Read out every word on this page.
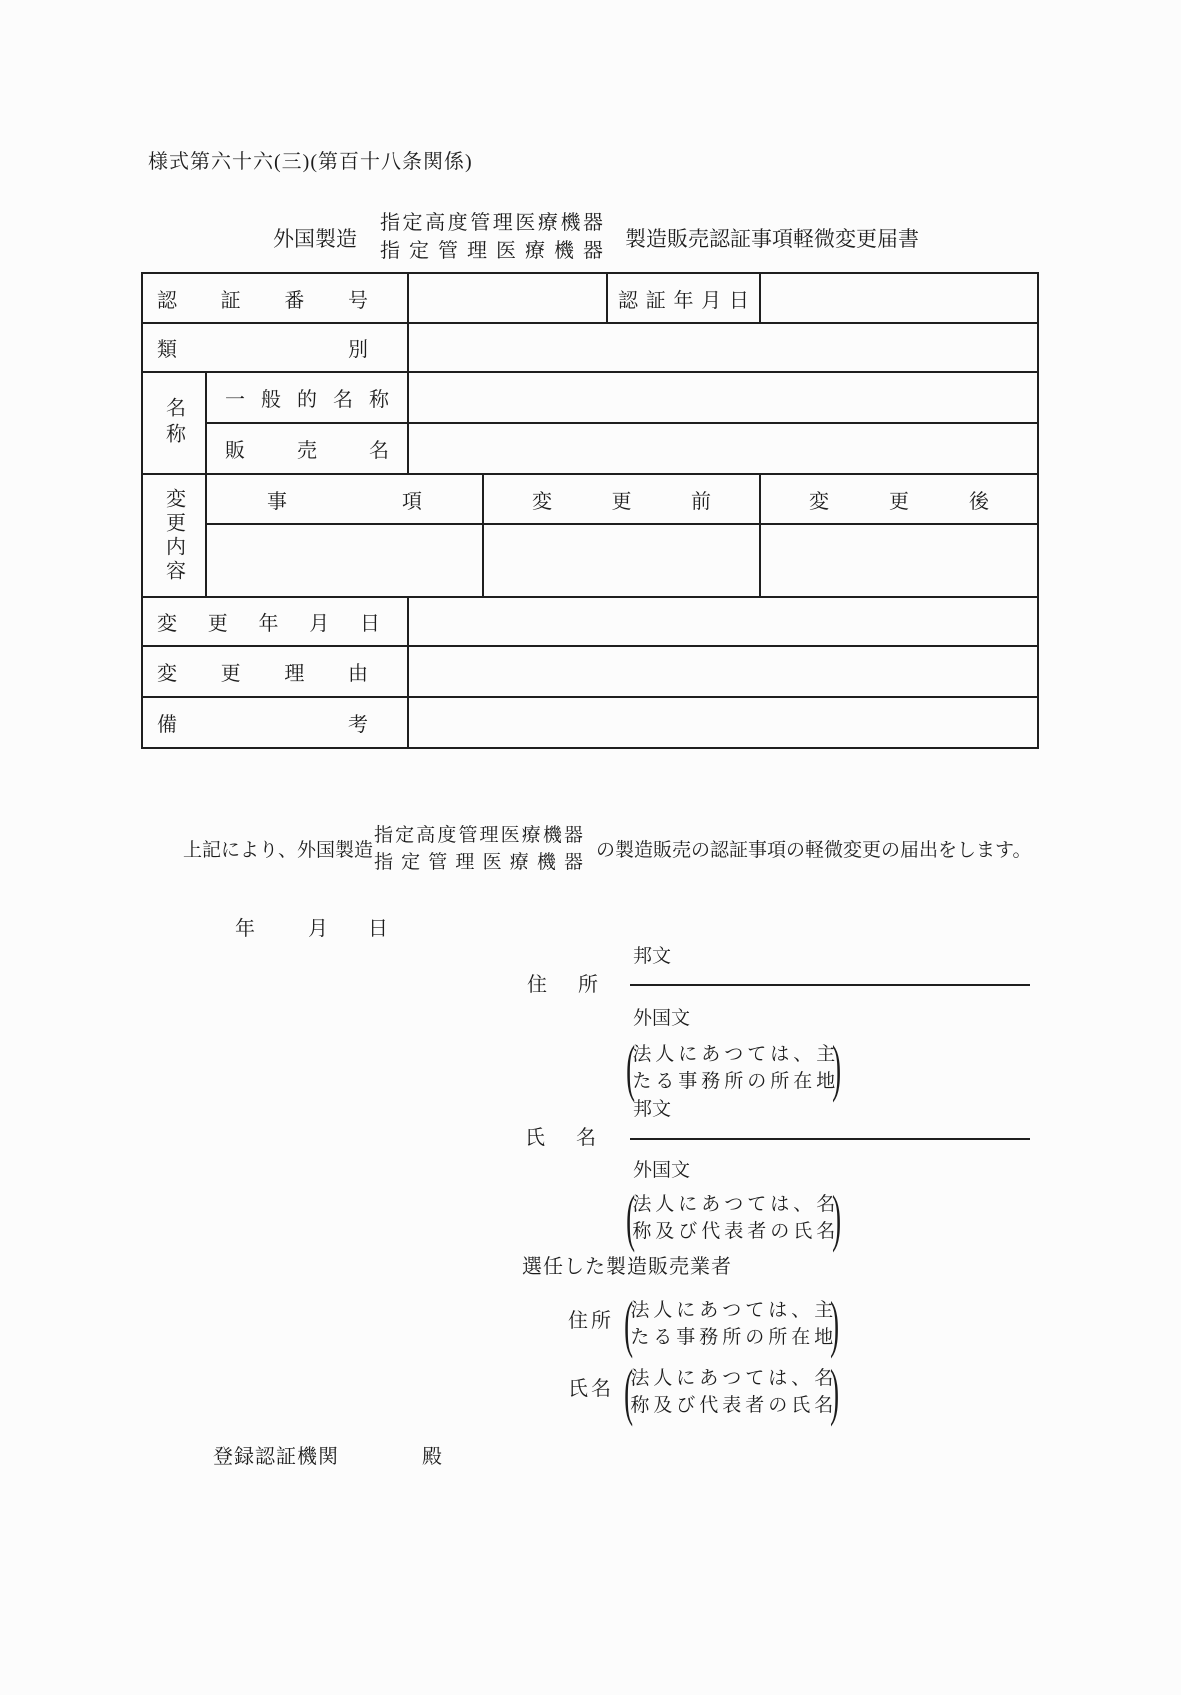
様式第六十六(三)(第百十八条関係)
外国製造
指定高度管理医療機器
指定管理医療機器 製造販売認証事項軽微変更届書
認証番号	認証年月日
類別
名称	一般的名称
販売名
変更内容	事項	変更前	変更後
変更年月日
変更理由
備考
上記により、外国製造
指定高度管理医療機器
指定管理医療機器
の製造販売の認証事項の軽微変更の届出をします。
年	月 日
邦文
住所
外国文
(
法人にあつては、主
たる事務所の所在地
)
邦文
氏名
外国文
(
法人にあつては、名
称及び代表者の氏名
)
選任した製造販売業者
住所 (
法人にあつては、主
たる事務所の所在地
)
氏名 (
法人にあつては、名
称及び代表者の氏名
)
登録認証機関	殿
